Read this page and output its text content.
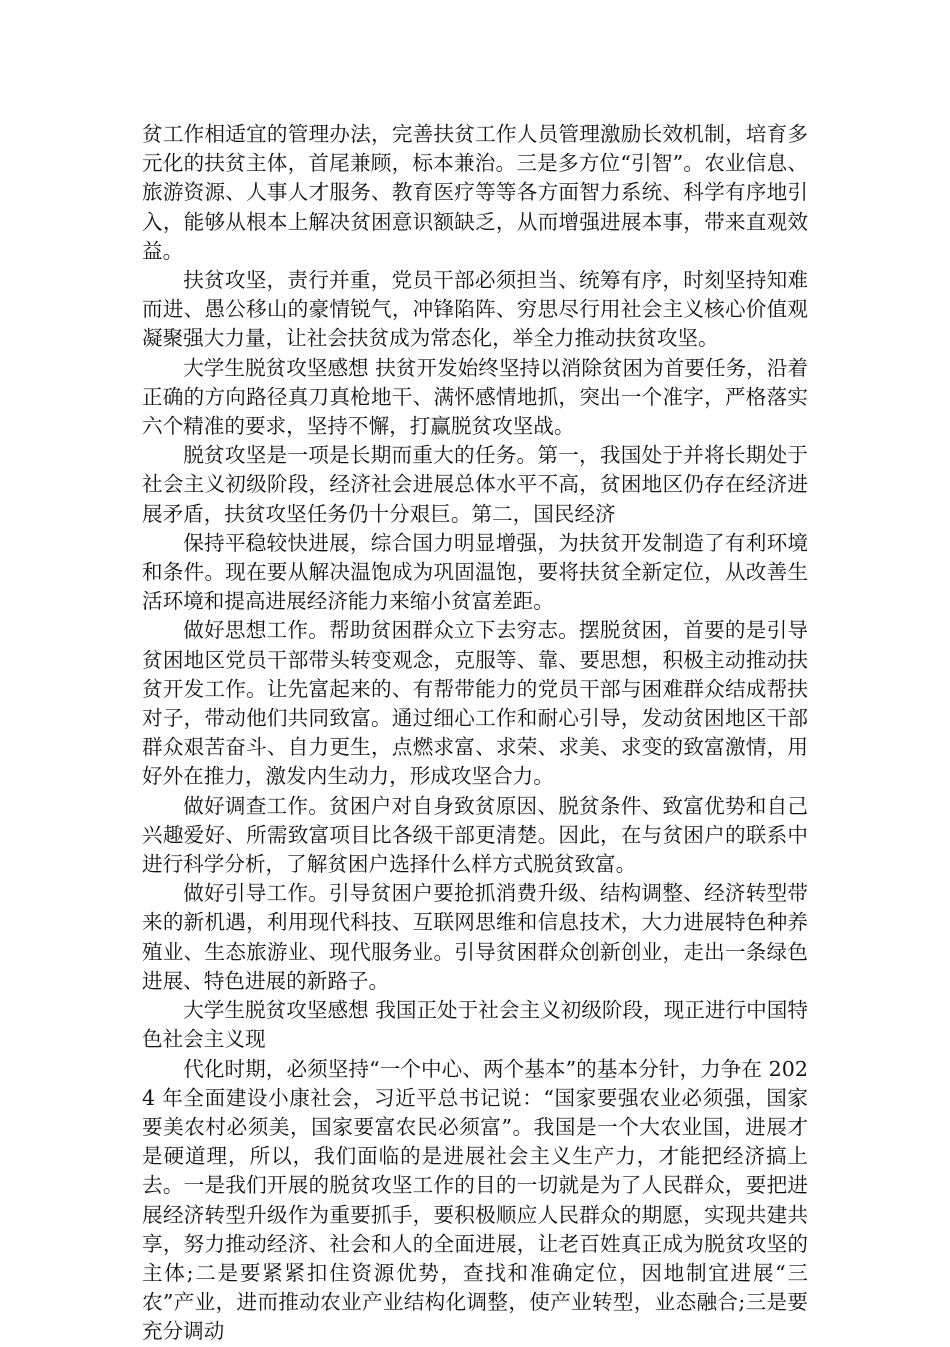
贫工作相适宜的管理办法，完善扶贫工作人员管理激励长效机制，培育多元化的扶贫主体，首尾兼顾，标本兼治。三是多方位“引智”。农业信息、旅游资源、人事人才服务、教育医疗等等各方面智力系统、科学有序地引入，能够从根本上解决贫困意识额缺乏，从而增强进展本事，带来直观效益。

扶贫攻坚，责行并重，党员干部必须担当、统筹有序，时刻坚持知难而进、愚公移山的豪情锐气，冲锋陷阵、穷思尽行用社会主义核心价值观凝聚强大力量，让社会扶贫成为常态化，举全力推动扶贫攻坚。

大学生脱贫攻坚感想 扶贫开发始终坚持以消除贫困为首要任务，沿着正确的方向路径真刀真枪地干、满怀感情地抓，突出一个准字，严格落实六个精准的要求，坚持不懈，打赢脱贫攻坚战。

脱贫攻坚是一项是长期而重大的任务。第一，我国处于并将长期处于社会主义初级阶段，经济社会进展总体水平不高，贫困地区仍存在经济进展矛盾，扶贫攻坚任务仍十分艰巨。第二，国民经济

保持平稳较快进展，综合国力明显增强，为扶贫开发制造了有利环境和条件。现在要从解决温饱成为巩固温饱，要将扶贫全新定位，从改善生活环境和提高进展经济能力来缩小贫富差距。

做好思想工作。帮助贫困群众立下去穷志。摆脱贫困，首要的是引导贫困地区党员干部带头转变观念，克服等、靠、要思想，积极主动推动扶贫开发工作。让先富起来的、有帮带能力的党员干部与困难群众结成帮扶对子，带动他们共同致富。通过细心工作和耐心引导，发动贫困地区干部群众艰苦奋斗、自力更生，点燃求富、求荣、求美、求变的致富激情，用好外在推力，激发内生动力，形成攻坚合力。

做好调查工作。贫困户对自身致贫原因、脱贫条件、致富优势和自己兴趣爱好、所需致富项目比各级干部更清楚。因此，在与贫困户的联系中进行科学分析，了解贫困户选择什么样方式脱贫致富。

做好引导工作。引导贫困户要抢抓消费升级、结构调整、经济转型带来的新机遇，利用现代科技、互联网思维和信息技术，大力进展特色种养殖业、生态旅游业、现代服务业。引导贫困群众创新创业，走出一条绿色进展、特色进展的新路子。

大学生脱贫攻坚感想 我国正处于社会主义初级阶段，现正进行中国特色社会主义现

代化时期，必须坚持“一个中心、两个基本”的基本分针，力争在 2024 年全面建设小康社会，习近平总书记说：“国家要强农业必须强，国家要美农村必须美，国家要富农民必须富”。我国是一个大农业国，进展才是硬道理，所以，我们面临的是进展社会主义生产力，才能把经济搞上去。一是我们开展的脱贫攻坚工作的目的一切就是为了人民群众，要把进展经济转型升级作为重要抓手，要积极顺应人民群众的期愿，实现共建共享，努力推动经济、社会和人的全面进展，让老百姓真正成为脱贫攻坚的主体;二是要紧紧扣住资源优势，查找和准确定位，因地制宜进展“三农”产业，进而推动农业产业结构化调整，使产业转型，业态融合;三是要充分调动
